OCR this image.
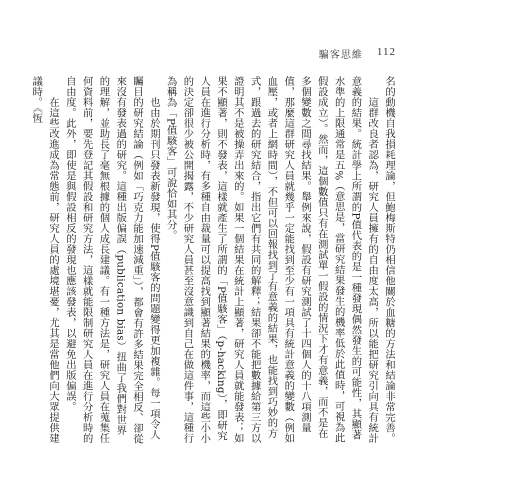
騙客思維 112

名的動機自我損耗理論，但鮑梅斯特仍相信他關於血糖的方法和結論非常完善。

這群改良者認為，研究人員擁有的自由度太高，所以能把研究引向具有統計意義的結果。統計學上所謂的P值代表的是一種發現偶然發生的可能性，其顯著水準的上限通常是五%（意思是，當研究結果發生的機率低於此值時，可視為此假設成立）。然而，這個數值只有在測試單一假設的情況下才有意義，而不是在多個變數之間尋找結果。舉例來說，假設有研究測試了十四個人的十八項測量值，那麼這群研究人員就幾乎一定能找到至少有一項具有統計意義的變數（例如血壓，或者上網時間），不但可以回報找到了有意義的結果，也能找到巧妙的方式，跟過去的研究結合，指出它們有共同的解釋；結果卻不能把數據給第三方以證明其不是被操弄出來的。如果一個結果在統計上顯著，研究人員就能發表；如果不顯著，則不發表，這樣就產生了所謂的「P值駭客」（p-hacking），即研究人員在進行分析時，有多種自由裁量可以提高找到顯著結果的機率，而這些小小的決定卻很少被公開揭露，不少研究人員甚至沒意識到自己在做這件事，這種行為稱為「P值駭客」可說恰如其分。

也由於期刊只發表新發現，使得P值駭客的問題變得更加複雜。每一項令人矚目的研究結論（例如「巧克力能加速減重」），都會有許多結果完全相反、卻從來沒有發表過的研究。這種出版偏誤（publication bias）扭曲了我們對世界的理解，並助長了毫無根據的個人成長建議。有一種方法是，研究人員在蒐集任何資料前，要先登記其假設和研究方法，這樣就能限制研究人員在進行分析時的自由度。此外，即使是與假設相反的發現也應該發表，以避免出版偏誤。

在這些改進成為常態前，研究人員的處境堪憂，尤其是當他們向大眾提供建議時。《恆
